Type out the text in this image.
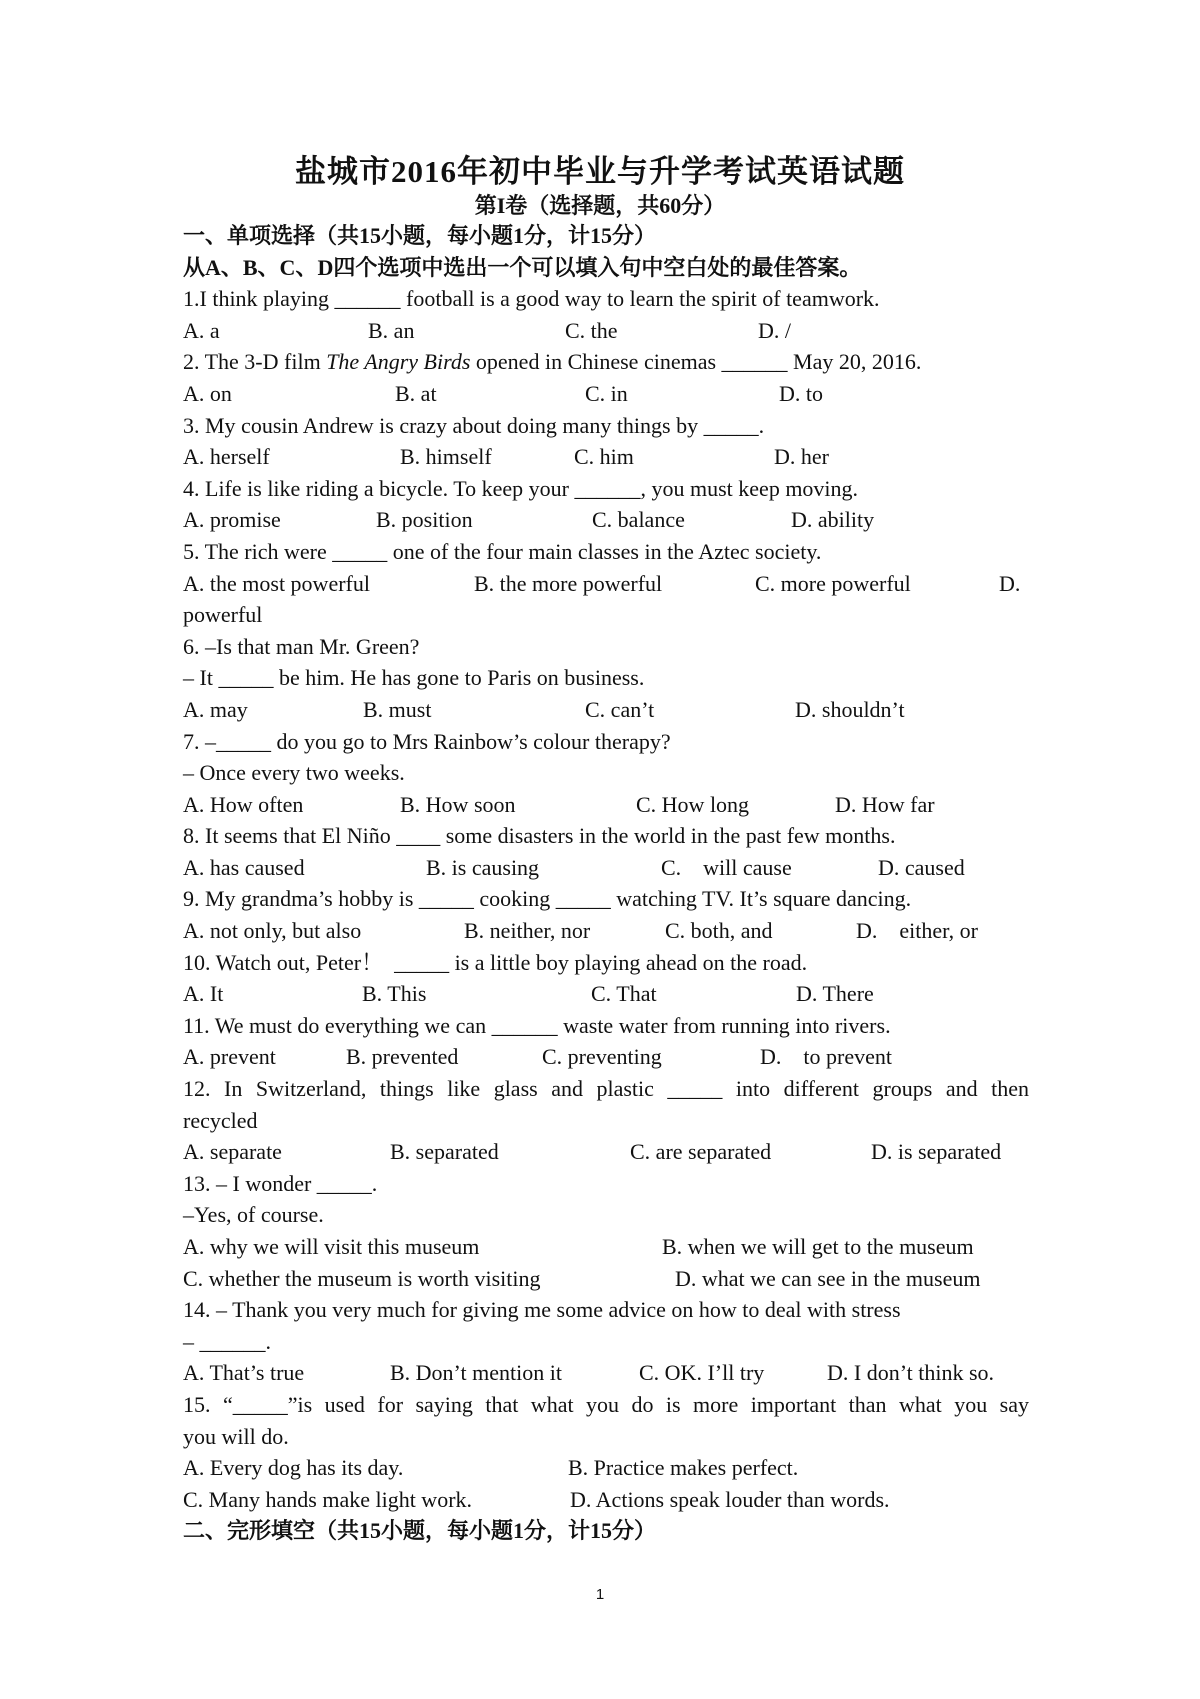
盐城市2016年初中毕业与升学考试英语试题
第I卷（选择题，共60分）
一、单项选择（共15小题，每小题1分，计15分）
从A、B、C、D四个选项中选出一个可以填入句中空白处的最佳答案。
1.I think playing ______ football is a good way to learn the spirit of teamwork.
A. a	B. an	C. the	D. /
2. The 3-D film The Angry Birds opened in Chinese cinemas ______ May 20, 2016.
A. on	B. at	C. in	D. to
3. My cousin Andrew is crazy about doing many things by _____.
A. herself	B. himself	C. him	D. her
4. Life is like riding a bicycle. To keep your ______, you must keep moving.
A. promise	B. position	C. balance	D. ability
5. The rich were _____ one of the four main classes in the Aztec society.
A. the most powerful	B. the more powerful	C. more powerful	D.
powerful
6. –Is that man Mr. Green?
– It _____ be him. He has gone to Paris on business.
A. may	B. must	C. can’t	D. shouldn’t
7. –_____ do you go to Mrs Rainbow’s colour therapy?
– Once every two weeks.
A. How often	B. How soon	C. How long	D. How far
8. It seems that El Niño ____ some disasters in the world in the past few months.
A. has caused	B. is causing	C.    will cause	D. caused
9. My grandma’s hobby is _____ cooking _____ watching TV. It’s square dancing.
A. not only, but also	B. neither, nor	C. both, and	D.    either, or
10. Watch out, Peter！  _____ is a little boy playing ahead on the road.
A. It	B. This	C. That	D. There
11. We must do everything we can ______ waste water from running into rivers.
A. prevent	B. prevented	C. preventing	D.    to prevent
12. In Switzerland, things like glass and plastic _____ into different groups and then
recycled
A. separate	B. separated	C. are separated	D. is separated
13. – I wonder _____.
–Yes, of course.
A. why we will visit this museum	B. when we will get to the museum
C. whether the museum is worth visiting	D. what we can see in the museum
14. – Thank you very much for giving me some advice on how to deal with stress
– ______.
A. That’s true	B. Don’t mention it	C. OK. I’ll try	D. I don’t think so.
15. “_____”is used for saying that what you do is more important than what you say
you will do.
A. Every dog has its day.	B. Practice makes perfect.
C. Many hands make light work.	D. Actions speak louder than words.
二、完形填空（共15小题，每小题1分，计15分）
1
